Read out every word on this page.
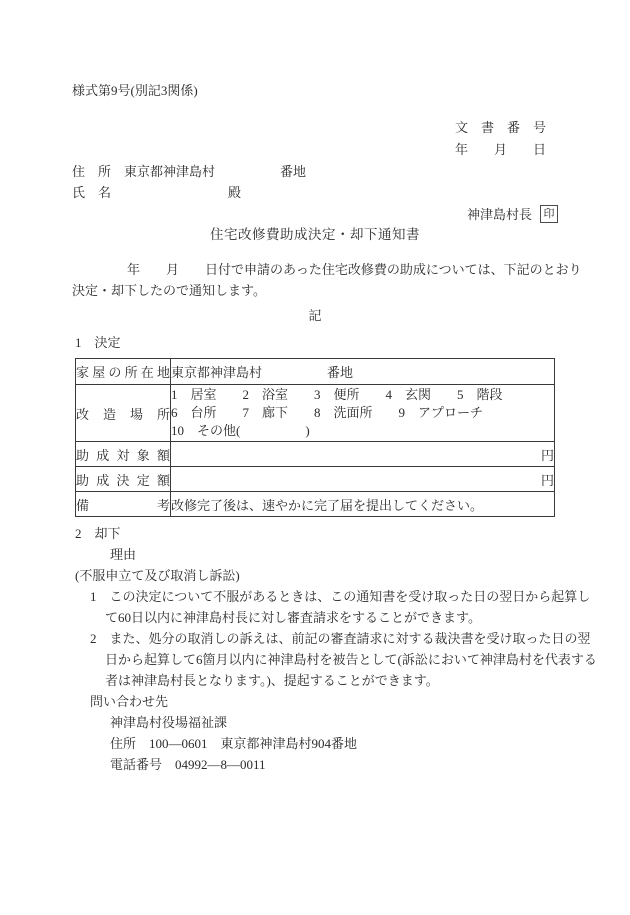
様式第9号(別記3関係)
文　書　番　号
年　　月　　日
住　所　東京都神津島村　　　　　番地
氏　名　　　　　　　　　殿
神津島村長	印
住宅改修費助成決定・却下通知書
年　　月　　日付で申請のあった住宅改修費の助成については、下記のとおり
決定・却下したので通知します。
記
1　決定
家屋の所在地	東京都神津島村　　　　　番地
改造場所	1　居室　　2　浴室　　3　便所　　4　玄関　　5　階段
6　台所　　7　廊下　　8　洗面所　　9　アプローチ
10　その他(　　　　　)

助成対象額	円
助成決定額	円
備考	改修完了後は、速やかに完了届を提出してください。
2　却下
理由
(不服申立て及び取消し訴訟)
1　この決定について不服があるときは、この通知書を受け取った日の翌日から起算し
て60日以内に神津島村長に対し審査請求をすることができます。
2　また、処分の取消しの訴えは、前記の審査請求に対する裁決書を受け取った日の翌
日から起算して6箇月以内に神津島村を被告として(訴訟において神津島村を代表する
者は神津島村長となります。)、提起することができます。
問い合わせ先
神津島村役場福祉課
住所　100―0601　東京都神津島村904番地
電話番号　04992―8―0011
